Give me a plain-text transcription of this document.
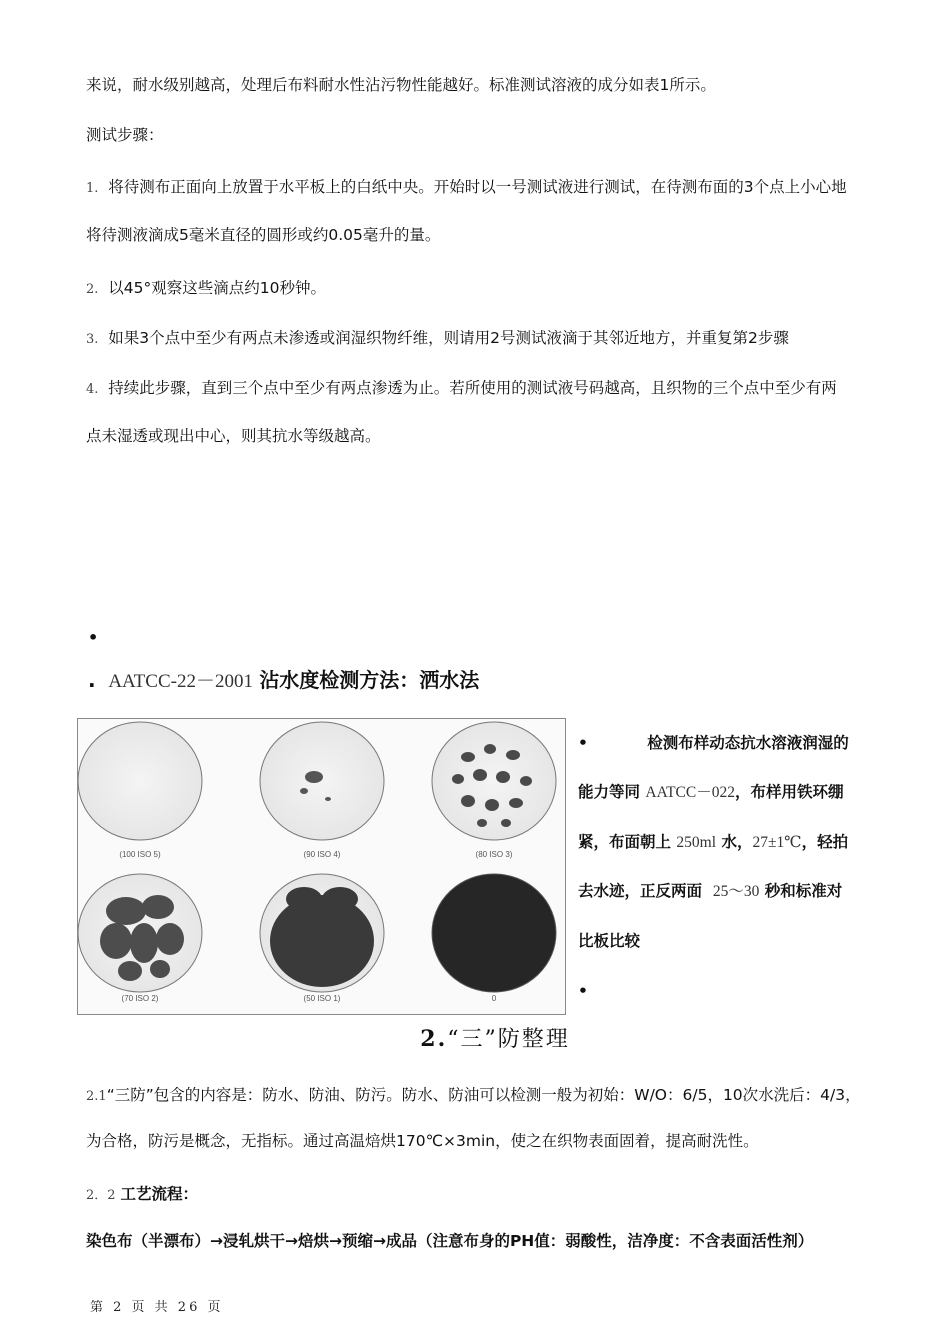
来说，耐水级别越高，处理后布料耐水性沾污物性能越好。标准测试溶液的成分如表1所示。
测试步骤：
1. 将待测布正面向上放置于水平板上的白纸中央。开始时以一号测试液进行测试，在待测布面的3个点上小心地
将待测液滴成5毫米直径的圆形或约0.05毫升的量。
2. 以45°观察这些滴点约10秒钟。
3. 如果3个点中至少有两点未渗透或润湿织物纤维，则请用2号测试液滴于其邻近地方，并重复第2步骤
4. 持续此步骤，直到三个点中至少有两点渗透为止。若所使用的测试液号码越高，且织物的三个点中至少有两
点未湿透或现出中心，则其抗水等级越高。
•
. AATCC-22－2001 沾水度检测方法：洒水法
(100 ISO 5)	(90 ISO 4)	(80 ISO 3)
(70 ISO 2)	(50 ISO 1)	0
•	检测布样动态抗水溶液润湿的
能力等同 AATCC－022，布样用铁环绷
紧，布面朝上 250ml 水，27±1℃，轻拍
去水迹，正反两面 25～30 秒和标准对
比板比较
•
2.“三”防整理
2.1“三防”包含的内容是：防水、防油、防污。防水、防油可以检测一般为初始：W/O：6/5，10次水洗后：4/3，
为合格，防污是概念，无指标。通过高温焙烘170℃×3min，使之在织物表面固着，提高耐洗性。
2．2 工艺流程：
染色布（半漂布）→浸轧烘干→焙烘→预缩→成品（注意布身的PH值：弱酸性，洁净度：不含表面活性剂）
第 2 页 共 26 页
